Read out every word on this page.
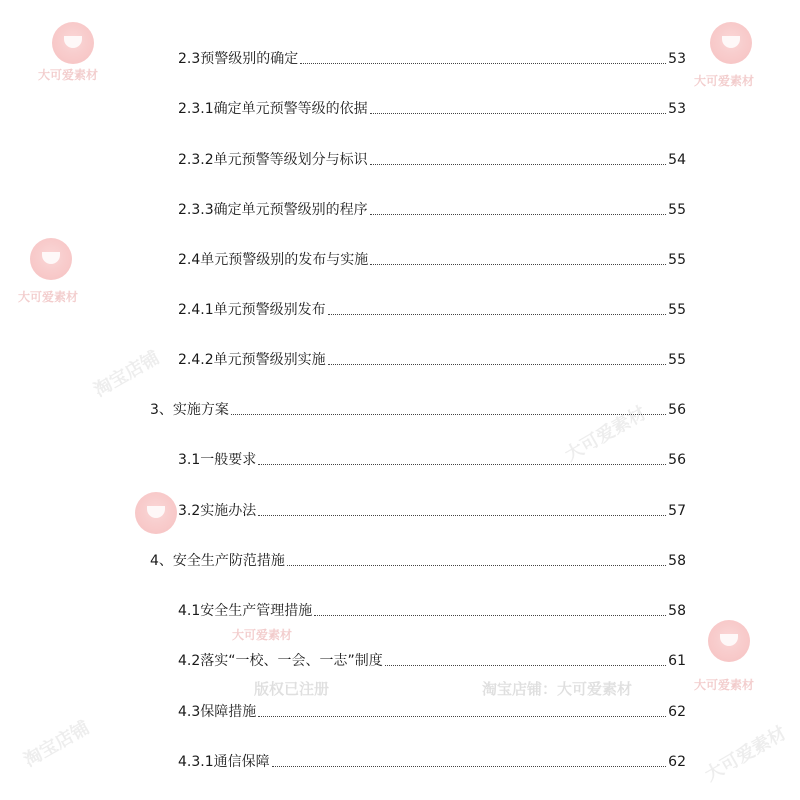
大可爱素材	大可爱素材
大可爱素材
大可爱素材
大可爱素材
版权已注册	淘宝店铺：大可爱素材
淘宝店铺
大可爱素材
淘宝店铺	大可爱素材
2.3预警级别的确定	53
2.3.1确定单元预警等级的依据	53
2.3.2单元预警等级划分与标识	54
2.3.3确定单元预警级别的程序	55
2.4单元预警级别的发布与实施	55
2.4.1单元预警级别发布	55
2.4.2单元预警级别实施	55
3、实施方案	56
3.1一般要求	56
3.2实施办法	57
4、安全生产防范措施	58
4.1安全生产管理措施	58
4.2落实“一校、一会、一志”制度	61
4.3保障措施	62
4.3.1通信保障	62
